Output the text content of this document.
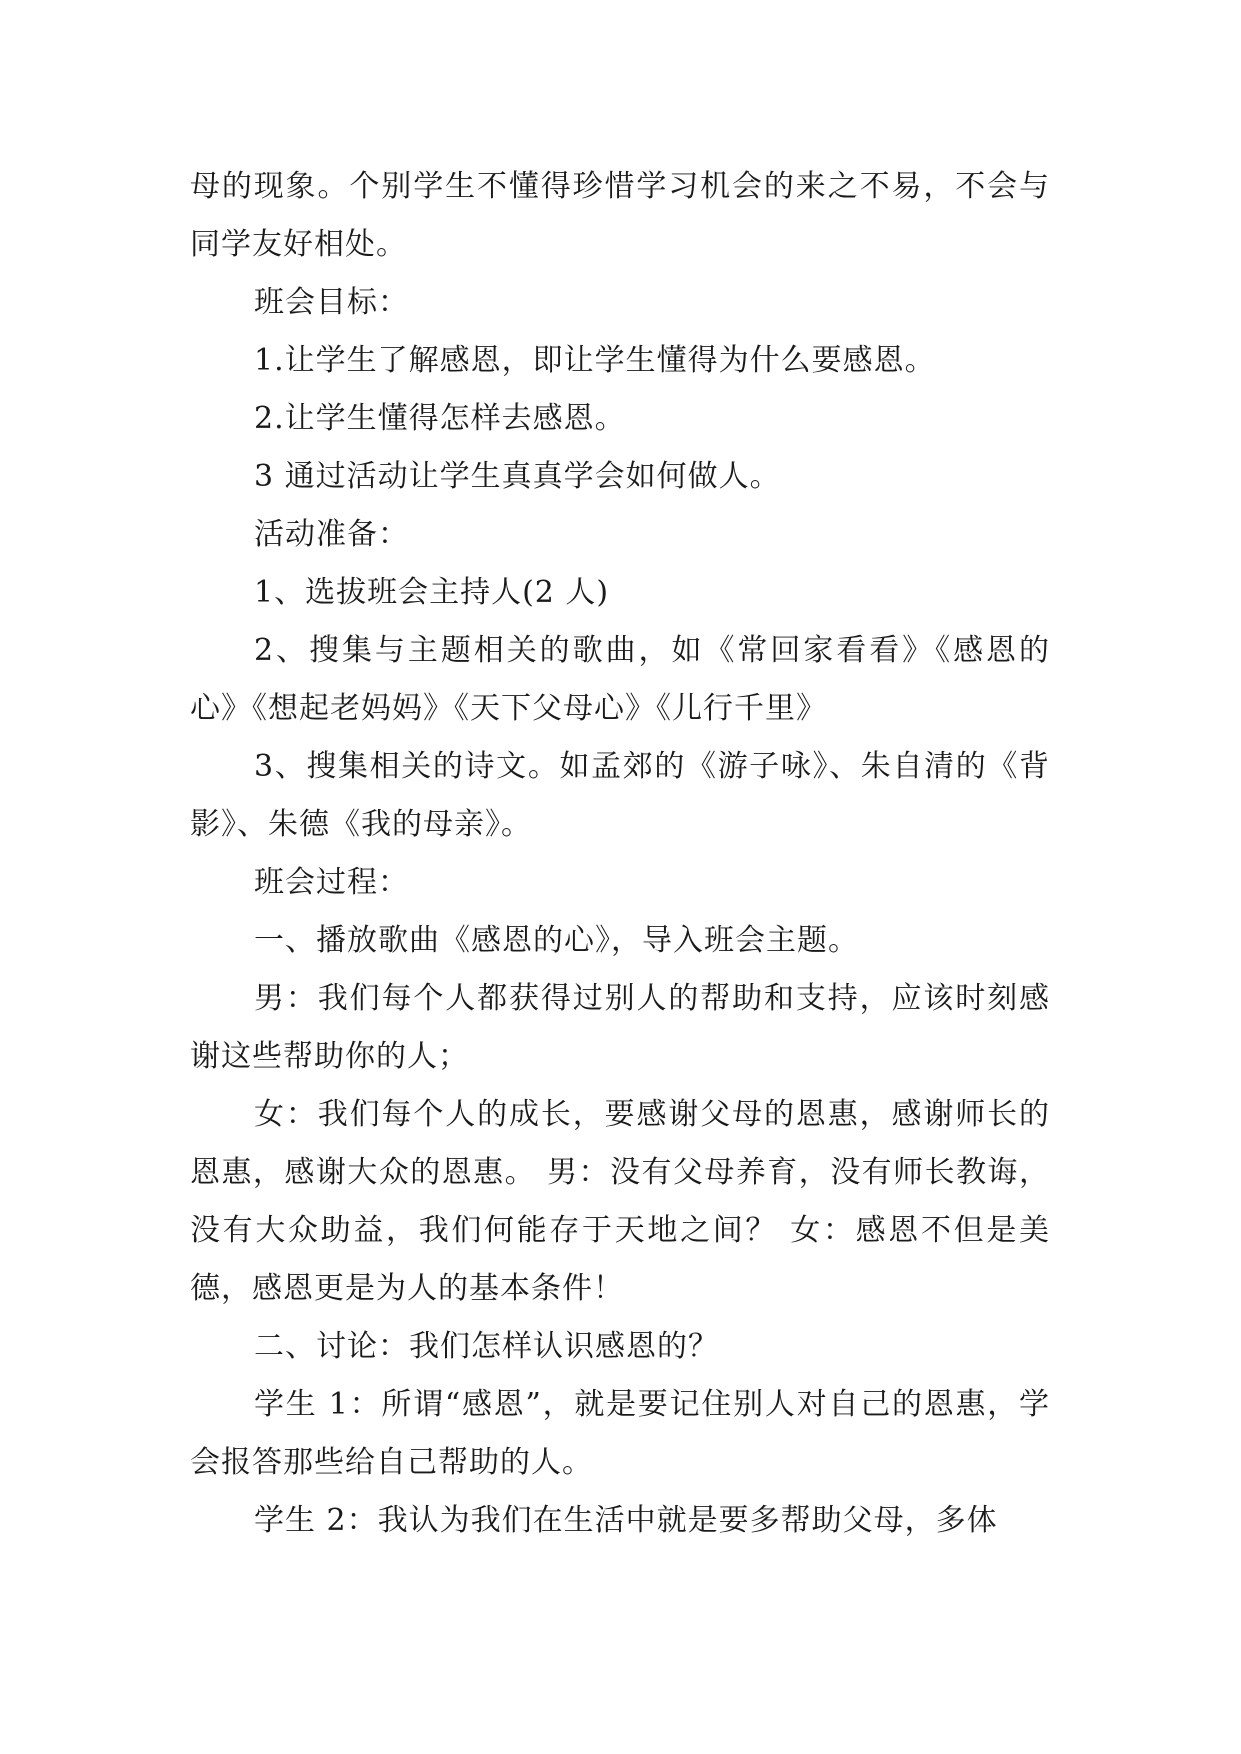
母的现象。个别学生不懂得珍惜学习机会的来之不易，不会与同学友好相处。

班会目标：

1.让学生了解感恩，即让学生懂得为什么要感恩。

2.让学生懂得怎样去感恩。

3 通过活动让学生真真学会如何做人。

活动准备：

1、选拔班会主持人(2 人)

2、搜集与主题相关的歌曲，如《常回家看看》《感恩的心》《想起老妈妈》《天下父母心》《儿行千里》

3、搜集相关的诗文。如孟郊的《游子咏》、朱自清的《背影》、朱德《我的母亲》。

班会过程：

一、播放歌曲《感恩的心》，导入班会主题。

男：我们每个人都获得过别人的帮助和支持，应该时刻感谢这些帮助你的人；

女：我们每个人的成长，要感谢父母的恩惠，感谢师长的恩惠，感谢大众的恩惠。 男：没有父母养育，没有师长教诲，没有大众助益，我们何能存于天地之间？ 女：感恩不但是美德，感恩更是为人的基本条件！

二、讨论：我们怎样认识感恩的？

学生 1：所谓“感恩”，就是要记住别人对自己的恩惠，学会报答那些给自己帮助的人。

学生 2：我认为我们在生活中就是要多帮助父母，多体
